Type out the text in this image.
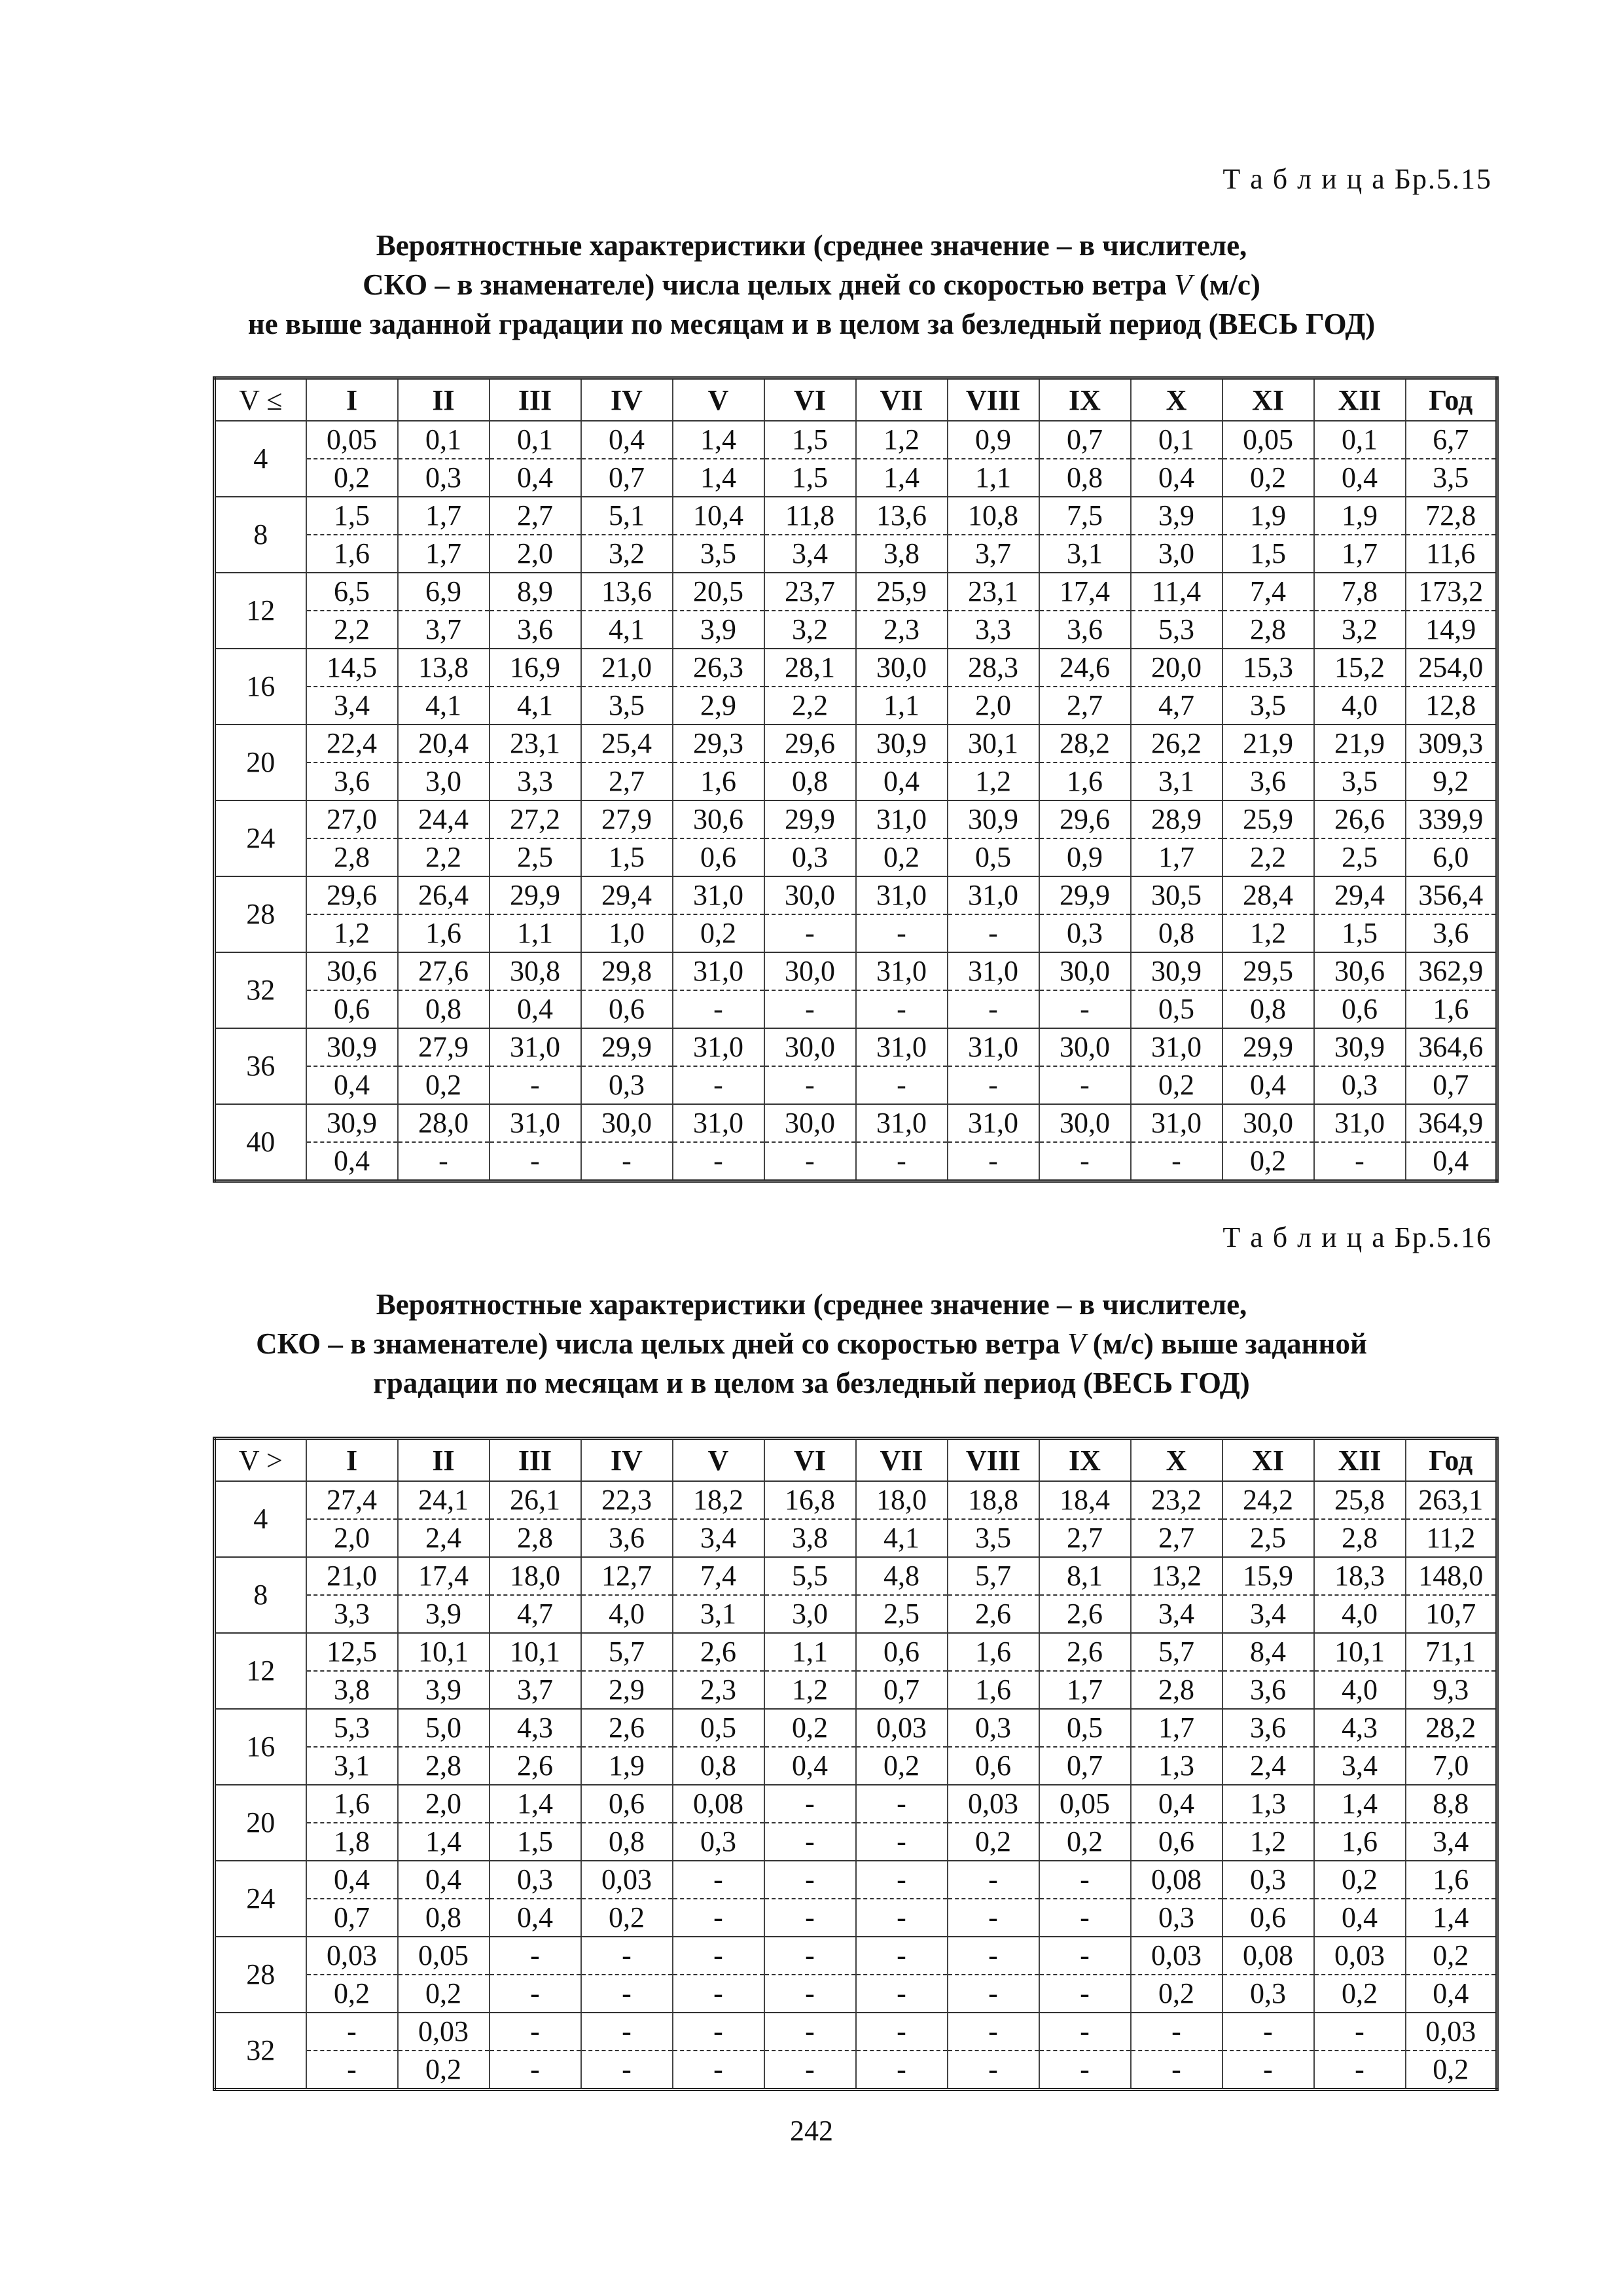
Т а б л и ц а Бр.5.15
Вероятностные характеристики (среднее значение – в числителе,
СКО – в знаменателе) числа целых дней со скоростью ветра V (м/с)
не выше заданной градации по месяцам и в целом за безледный период (ВЕСЬ ГОД)
V ≤	I	II	III	IV	V	VI	VII	VIII	IX	X	XI	XII	Год
4	0,05	0,1	0,1	0,4	1,4	1,5	1,2	0,9	0,7	0,1	0,05	0,1	6,7
	0,2	0,3	0,4	0,7	1,4	1,5	1,4	1,1	0,8	0,4	0,2	0,4	3,5
8	1,5	1,7	2,7	5,1	10,4	11,8	13,6	10,8	7,5	3,9	1,9	1,9	72,8
	1,6	1,7	2,0	3,2	3,5	3,4	3,8	3,7	3,1	3,0	1,5	1,7	11,6
12	6,5	6,9	8,9	13,6	20,5	23,7	25,9	23,1	17,4	11,4	7,4	7,8	173,2
	2,2	3,7	3,6	4,1	3,9	3,2	2,3	3,3	3,6	5,3	2,8	3,2	14,9
16	14,5	13,8	16,9	21,0	26,3	28,1	30,0	28,3	24,6	20,0	15,3	15,2	254,0
	3,4	4,1	4,1	3,5	2,9	2,2	1,1	2,0	2,7	4,7	3,5	4,0	12,8
20	22,4	20,4	23,1	25,4	29,3	29,6	30,9	30,1	28,2	26,2	21,9	21,9	309,3
	3,6	3,0	3,3	2,7	1,6	0,8	0,4	1,2	1,6	3,1	3,6	3,5	9,2
24	27,0	24,4	27,2	27,9	30,6	29,9	31,0	30,9	29,6	28,9	25,9	26,6	339,9
	2,8	2,2	2,5	1,5	0,6	0,3	0,2	0,5	0,9	1,7	2,2	2,5	6,0
28	29,6	26,4	29,9	29,4	31,0	30,0	31,0	31,0	29,9	30,5	28,4	29,4	356,4
	1,2	1,6	1,1	1,0	0,2	-	-	-	0,3	0,8	1,2	1,5	3,6
32	30,6	27,6	30,8	29,8	31,0	30,0	31,0	31,0	30,0	30,9	29,5	30,6	362,9
	0,6	0,8	0,4	0,6	-	-	-	-	-	0,5	0,8	0,6	1,6
36	30,9	27,9	31,0	29,9	31,0	30,0	31,0	31,0	30,0	31,0	29,9	30,9	364,6
	0,4	0,2	-	0,3	-	-	-	-	-	0,2	0,4	0,3	0,7
40	30,9	28,0	31,0	30,0	31,0	30,0	31,0	31,0	30,0	31,0	30,0	31,0	364,9
	0,4	-	-	-	-	-	-	-	-	-	0,2	-	0,4
Т а б л и ц а Бр.5.16
Вероятностные характеристики (среднее значение – в числителе,
СКО – в знаменателе) числа целых дней со скоростью ветра V (м/с) выше заданной
градации по месяцам и в целом за безледный период (ВЕСЬ ГОД)
V >	I	II	III	IV	V	VI	VII	VIII	IX	X	XI	XII	Год
4	27,4	24,1	26,1	22,3	18,2	16,8	18,0	18,8	18,4	23,2	24,2	25,8	263,1
	2,0	2,4	2,8	3,6	3,4	3,8	4,1	3,5	2,7	2,7	2,5	2,8	11,2
8	21,0	17,4	18,0	12,7	7,4	5,5	4,8	5,7	8,1	13,2	15,9	18,3	148,0
	3,3	3,9	4,7	4,0	3,1	3,0	2,5	2,6	2,6	3,4	3,4	4,0	10,7
12	12,5	10,1	10,1	5,7	2,6	1,1	0,6	1,6	2,6	5,7	8,4	10,1	71,1
	3,8	3,9	3,7	2,9	2,3	1,2	0,7	1,6	1,7	2,8	3,6	4,0	9,3
16	5,3	5,0	4,3	2,6	0,5	0,2	0,03	0,3	0,5	1,7	3,6	4,3	28,2
	3,1	2,8	2,6	1,9	0,8	0,4	0,2	0,6	0,7	1,3	2,4	3,4	7,0
20	1,6	2,0	1,4	0,6	0,08	-	-	0,03	0,05	0,4	1,3	1,4	8,8
	1,8	1,4	1,5	0,8	0,3	-	-	0,2	0,2	0,6	1,2	1,6	3,4
24	0,4	0,4	0,3	0,03	-	-	-	-	-	0,08	0,3	0,2	1,6
	0,7	0,8	0,4	0,2	-	-	-	-	-	0,3	0,6	0,4	1,4
28	0,03	0,05	-	-	-	-	-	-	-	0,03	0,08	0,03	0,2
	0,2	0,2	-	-	-	-	-	-	-	0,2	0,3	0,2	0,4
32	-	0,03	-	-	-	-	-	-	-	-	-	-	0,03
	-	0,2	-	-	-	-	-	-	-	-	-	-	0,2
242
